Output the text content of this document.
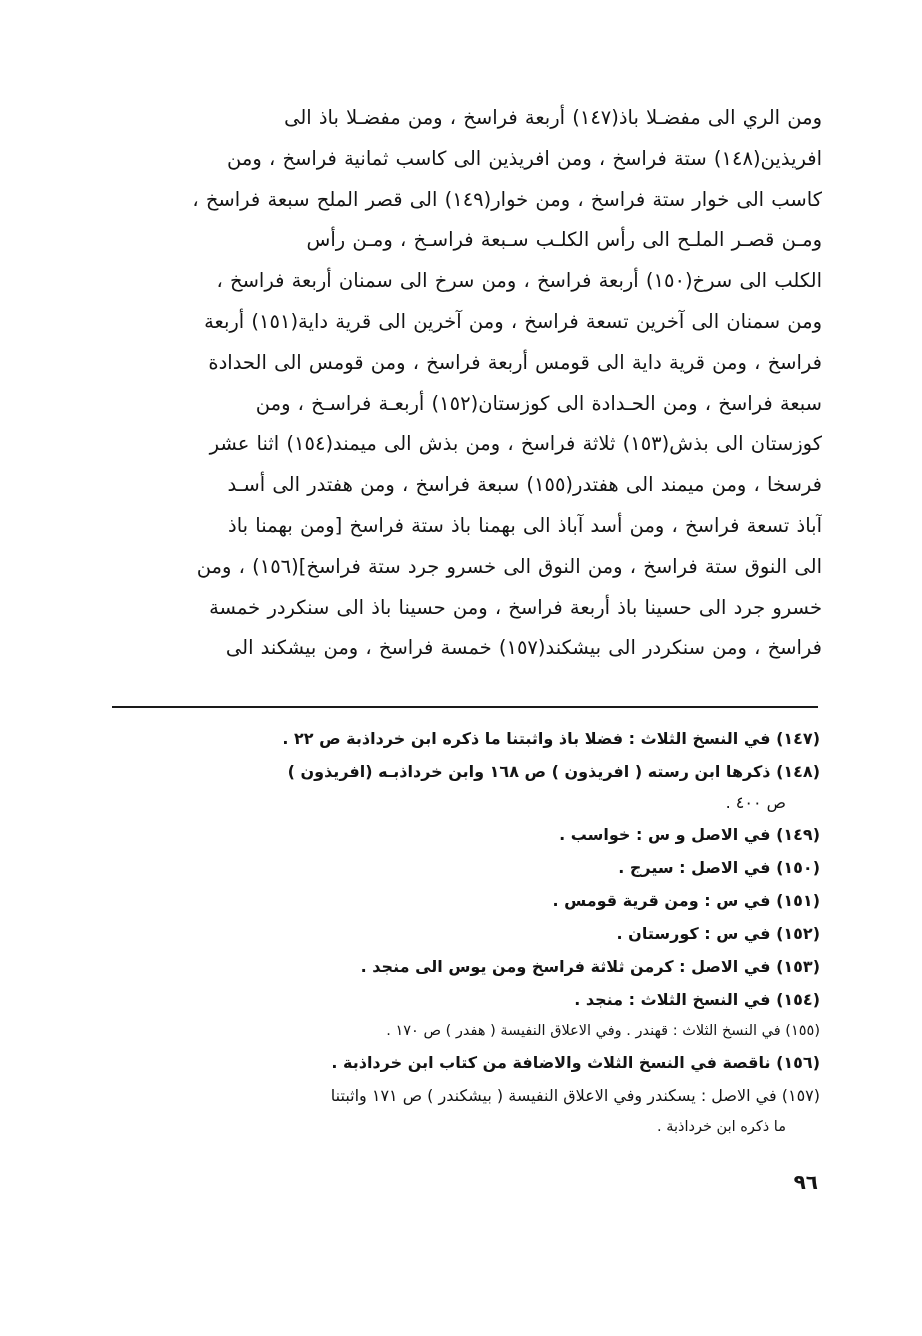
ومن الري الى مفضـلا باذ(١٤٧) أربعة فراسخ ، ومن مفضـلا باذ الى
افريذين(١٤٨) ستة فراسخ ، ومن افريذين الى كاسب ثمانية فراسخ ، ومن
كاسب الى خوار ستة فراسخ ، ومن خوار(١٤٩) الى قصر الملح سبعة فراسخ ،
ومـن قصـر الملـح الى رأس الكلـب سـبعة فراسـخ ، ومـن رأس
الكلب الى سرخ(١٥٠) أربعة فراسخ ، ومن سرخ الى سمنان أربعة فراسخ ،
ومن سمنان الى آخرين تسعة فراسخ ، ومن آخرين الى قرية داية(١٥١) أربعة
فراسخ ، ومن قرية داية الى قومس أربعة فراسخ ، ومن قومس الى الحدادة
سبعة فراسخ ، ومن الحـدادة الى كوزستان(١٥٢) أربعـة فراسـخ ، ومن
كوزستان الى بذش(١٥٣) ثلاثة فراسخ ، ومن بذش الى ميمند(١٥٤) اثنا عشر
فرسخا ، ومن ميمند الى هفتدر(١٥٥) سبعة فراسخ ، ومن هفتدر الى أسـد
آباذ تسعة فراسخ ، ومن أسد آباذ الى بهمنا باذ ستة فراسخ [ومن بهمنا باذ
الى النوق ستة فراسخ ، ومن النوق الى خسرو جرد ستة فراسخ](١٥٦) ، ومن
خسرو جرد الى حسينا باذ أربعة فراسخ ، ومن حسينا باذ الى سنكردر خمسة
فراسخ ، ومن سنكردر الى بيشكند(١٥٧) خمسة فراسخ ، ومن بيشكند الى
(١٤٧) في النسخ الثلاث : فضلا باذ واثبتنا ما ذكره ابن خرداذبة ص ٢٢ .
(١٤٨) ذكرها ابن رسته ( افريذون ) ص ١٦٨ وابن خرداذبـه (افريذون )
ص ٤٠٠ .
(١٤٩) في الاصل و س : خواسب .
(١٥٠) في الاصل : سيرج .
(١٥١) في س : ومن قرية قومس .
(١٥٢) في س : كورستان .
(١٥٣) في الاصل : كرمن ثلاثة فراسخ ومن يوس الى منجد .
(١٥٤) في النسخ الثلاث : منجد .
(١٥٥) في النسخ الثلاث : قهندر . وفي الاعلاق النفيسة ( هفدر ) ص ١٧٠ .
(١٥٦) ناقصة في النسخ الثلاث والاضافة من كتاب ابن خرداذبة .
(١٥٧) في الاصل : يسكندر وفي الاعلاق النفيسة ( بيشكندر ) ص ١٧١ واثبتنا
ما ذكره ابن خرداذبة .
٩٦
